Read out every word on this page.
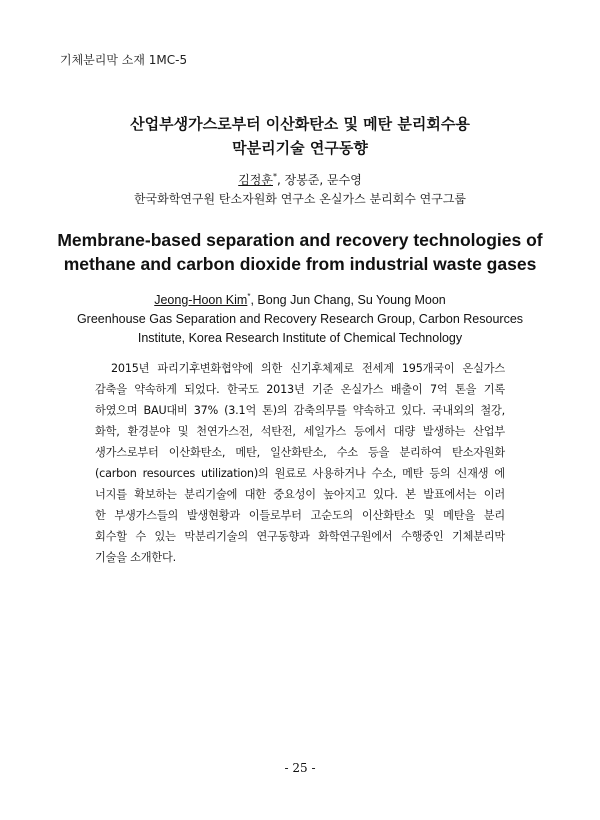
기체분리막 소재 1MC-5
산업부생가스로부터 이산화탄소 및 메탄 분리회수용
막분리기술 연구동향
김정훈*, 장봉준, 문수영
한국화학연구원 탄소자원화 연구소 온실가스 분리회수 연구그룹
Membrane-based separation and recovery technologies of
methane and carbon dioxide from industrial waste gases
Jeong-Hoon Kim*, Bong Jun Chang, Su Young Moon
Greenhouse Gas Separation and Recovery Research Group, Carbon Resources
Institute, Korea Research Institute of Chemical Technology
2015년 파리기후변화협약에 의한 신기후체제로 전세계 195개국이 온실가스
감축을 약속하게 되었다. 한국도 2013년 기준 온실가스 배출이 7억 톤을 기록
하였으며 BAU대비 37% (3.1억 톤)의 감축의무를 약속하고 있다. 국내외의 철강,
화학, 환경분야 및 천연가스전, 석탄전, 세일가스 등에서 대량 발생하는 산업부
생가스로부터 이산화탄소, 메탄, 일산화탄소, 수소 등을 분리하여 탄소자원화
(carbon resources utilization)의 원료로 사용하거나 수소, 메탄 등의 신재생 에
너지를 확보하는 분리기술에 대한 중요성이 높아지고 있다. 본 발표에서는 이러
한 부생가스들의 발생현황과 이들로부터 고순도의 이산화탄소 및 메탄을 분리
회수할 수 있는 막분리기술의 연구동향과 화학연구원에서 수행중인 기체분리막
기술을 소개한다.
- 25 -
